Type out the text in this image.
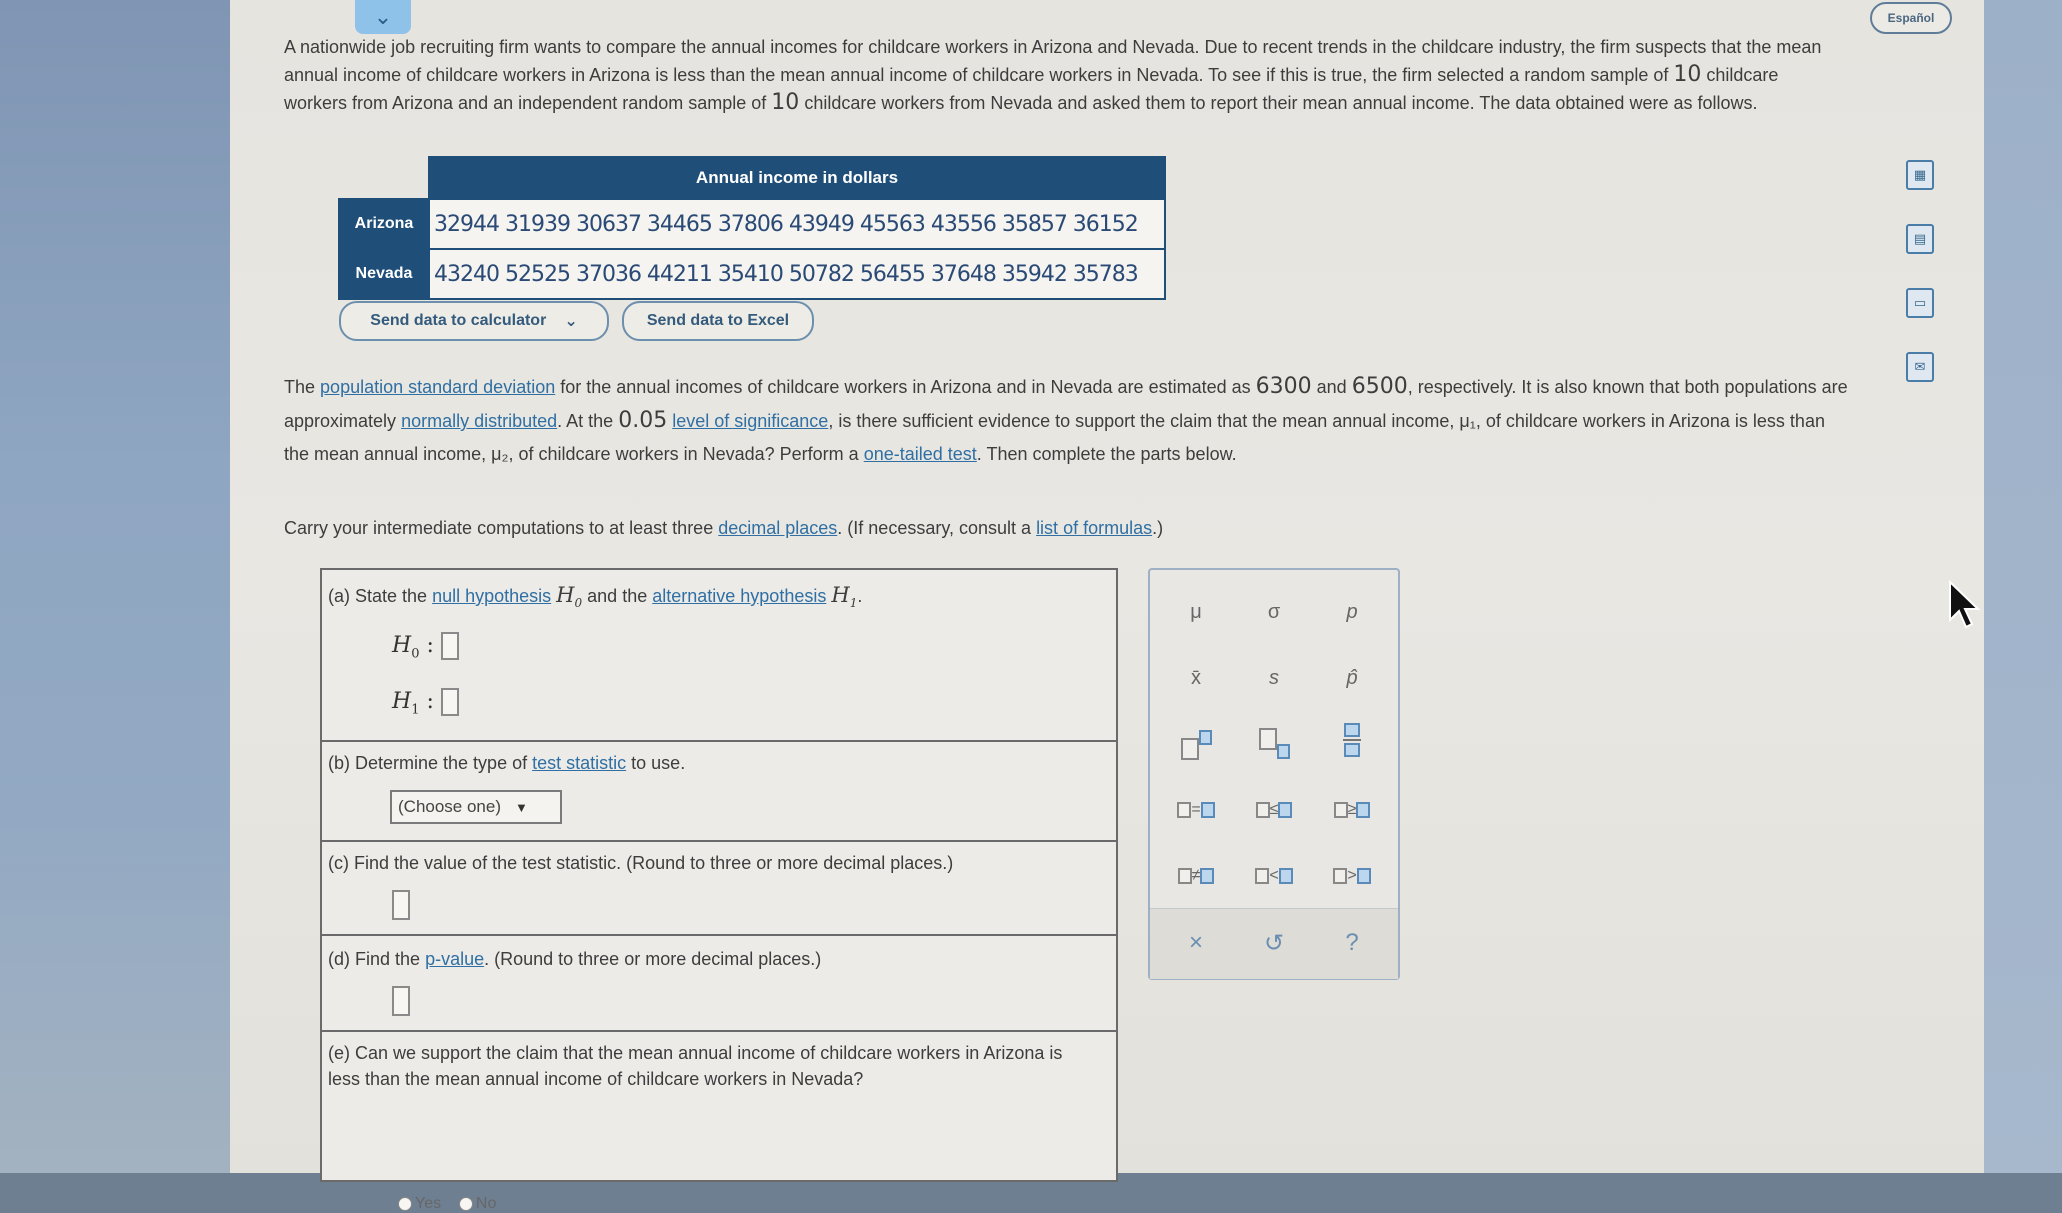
⌄	Español
A nationwide job recruiting firm wants to compare the annual incomes for childcare workers in Arizona and Nevada. Due to recent trends in the childcare industry, the firm suspects that the mean annual income of childcare workers in Arizona is less than the mean annual income of childcare workers in Nevada. To see if this is true, the firm selected a random sample of 10 childcare workers from Arizona and an independent random sample of 10 childcare workers from Nevada and asked them to report their mean annual income. The data obtained were as follows.
	Annual income in dollars
Arizona	32944 31939 30637 34465 37806 43949 45563 43556 35857 36152
Nevada	43240 52525 37036 44211 35410 50782 56455 37648 35942 35783
Send data to calculator ⌄	Send data to Excel
The population standard deviation for the annual incomes of childcare workers in Arizona and in Nevada are estimated as 6300 and 6500, respectively. It is also known that both populations are approximately normally distributed. At the 0.05 level of significance, is there sufficient evidence to support the claim that the mean annual income, μ₁, of childcare workers in Arizona is less than the mean annual income, μ₂, of childcare workers in Nevada? Perform a one-tailed test. Then complete the parts below.
Carry your intermediate computations to at least three decimal places. (If necessary, consult a list of formulas.)
(a) State the null hypothesis $H_0$ and the alternative hypothesis $H_1$.
$H_0$ :
$H_1$ :
(b) Determine the type of test statistic to use.
(Choose one) ▼
(c) Find the value of the test statistic. (Round to three or more decimal places.)
(d) Find the p-value. (Round to three or more decimal places.)
(e) Can we support the claim that the mean annual income of childcare workers in Arizona is less than the mean annual income of childcare workers in Nevada?
Yes No
μ	σ	p
x̄	s	p̂
=	≤	≥
≠	<	>
×	↺	?
▦
▤
▭
✉
